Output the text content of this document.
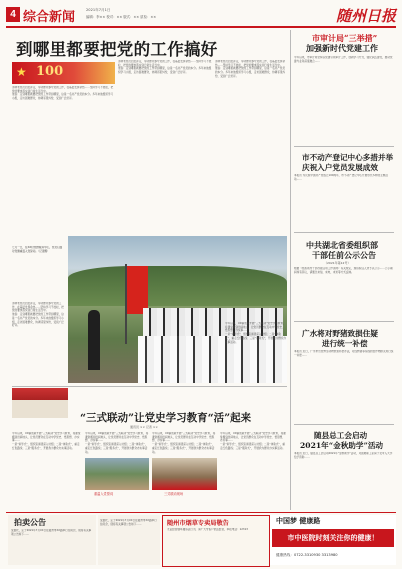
4 综合新闻	2021年7月1日
编辑：李×× 校对：×× 版式：×× 质检：××	随州日报
到哪里都要把党的工作搞好
★ 100
退休老党员四处奔走，带动群众参与党的工作，在基层发挥余热……坚持学习不放松，把党的要求落实到日常生活当中。
他说：走到哪里就要把党的工作带到哪里，这是一名共产党员的本分。多年来他组织学习小组，走访困难群众，协调邻里纠纷，受到广泛好评。
退休老党员四处奔走，带动群众参与党的工作，在基层发挥余热……坚持学习不放松，把党的要求落实到日常生活当中。
他说：走到哪里就要把党的工作带到哪里，这是一名共产党员的本分。多年来他组织学习小组，走访困难群众，协调邻里纠纷，受到广泛好评。
退休老党员四处奔走，带动群众参与党的工作，在基层发挥余热……坚持学习不放松，把党的要求落实到日常生活当中。
他说：走到哪里就要把党的工作带到哪里，这是一名共产党员的本分。多年来他组织学习小组，走访困难群众，协调邻里纠纷，受到广泛好评。
七月一日，在XX村党群服务中心，党员们面对党旗重温入党誓词。（记者摄）
市审计局“三举措”
加强新时代党建工作
今年以来，市审计局坚持以党建引领审计工作，创新学习方式，强化队伍建设，推动党建与业务深度融合……
市不动产登记中心多措并举
庆祝入户党员发展成效
本报讯 为庆祝中国共产党成立100周年，市不动产登记中心开展形式多样的主题活动……
中共湖北省委组织部
干部任前公示公告
（2021年第12号）
根据《党政领导干部选拔任用工作条例》有关规定，现将拟任人选予以公示……公示期间如有异议，请通过来信、来电、来访等方式反映。
广水将对野猪致损住疑
进行统一补偿
本报讯 近日，广水市出台野生动物致害补偿办法，对因野猪等造成的农作物损失进行统一补偿……
随县总工会启动
2021年“金秋助学”活动
本报讯 近日，随县总工会启动2021年“金秋助学”活动，对困难职工家庭子女考入大学给予资助……
退休老党员四处奔走，带动群众参与党的工作，在基层发挥余热……坚持学习不放松，把党的要求落实到日常生活当中。
他说：走到哪里就要把党的工作带到哪里，这是一名共产党员的本分。多年来他组织学习小组，走访困难群众，协调邻里纠纷，受到广泛好评。
“三式联动”让党史学习教育“活”起来
通讯员 ×× 记者 ××
今年以来，XX镇创新开展“三式联动”党史学习教育，将课堂搬到田间地头，让党员群众在互动中学党史、悟思想、办实事……
一是“讲学式”，组织宣讲团深入村组；二是“体验式”，重走红色路线；三是“服务式”，开展我为群众办实事活动。
今年以来，XX镇创新开展“三式联动”党史学习教育，将课堂搬到田间地头，让党员群众在互动中学党史、悟思想、办实事……
一是“讲学式”，组织宣讲团深入村组；二是“体验式”，重走红色路线；三是“服务式”，开展我为群众办实事活动。
今年以来，XX镇创新开展“三式联动”党史学习教育，将课堂搬到田间地头，让党员群众在互动中学党史、悟思想、办实事……
一是“讲学式”，组织宣讲团深入村组；二是“体验式”，重走红色路线；三是“服务式”，开展我为群众办实事活动。
今年以来，XX镇创新开展“三式联动”党史学习教育，将课堂搬到田间地头，让党员群众在互动中学党史、悟思想、办实事……
一是“讲学式”，组织宣讲团深入村组；二是“体验式”，重走红色路线；三是“服务式”，开展我为群众办实事活动。
今年以来，XX镇创新开展“三式联动”党史学习教育，将课堂搬到田间地头，让党员群众在互动中学党史、悟思想、办实事……
一是“讲学式”，组织宣讲团深入村组；二是“体验式”，重走红色路线；三是“服务式”，开展我为群众办实事活动。
重温入党誓词	三式联动现场
拍卖公告
受委托，定于2021年7月XX日在随州市XX路举行拍卖会，现将有关事项公告如下……
受委托，定于2021年7月XX日在随州市XX路举行拍卖会，现将有关事项公告如下……	随州市烟草专卖局敬告
无证经营烟草属违法行为，请广大零售户依法经营，举报电话：12313
中国梦 健康路
市中医院时刻关注你的健康！
健康热线：0722-3310930 3313980
